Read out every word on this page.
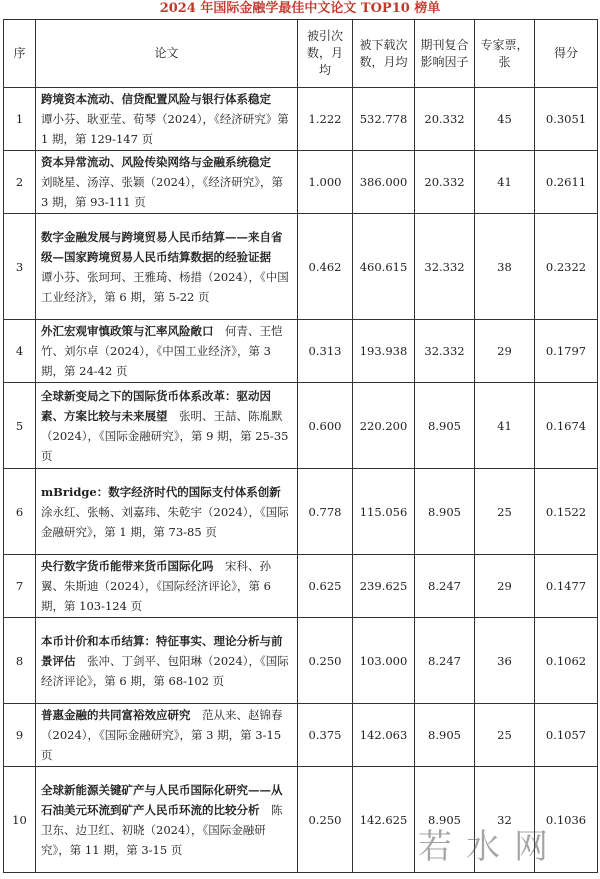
2024 年国际金融学最佳中文论文 TOP10 榜单
序	论文	被引次数，月均	被下载次数，月均	期刊复合影响因子	专家票，张	得分
1	跨境资本流动、信贷配置风险与银行体系稳定　谭小芬、耿亚莹、荀琴（2024），《经济研究》第 1 期，第 129-147 页	1.222	532.778	20.332	45	0.3051
2	资本异常流动、风险传染网络与金融系统稳定　刘晓星、汤淳、张颖（2024），《经济研究》，第 3 期，第 93-111 页	1.000	386.000	20.332	41	0.2611
3	数字金融发展与跨境贸易人民币结算——来自省级—国家跨境贸易人民币结算数据的经验证据　谭小芬、张珂珂、王雅琦、杨措（2024），《中国工业经济》，第 6 期，第 5-22 页	0.462	460.615	32.332	38	0.2322
4	外汇宏观审慎政策与汇率风险敞口　 何青、王恺竹、刘尔卓（2024），《中国工业经济》，第 3 期，第 24-42 页	0.313	193.938	32.332	29	0.1797
5	全球新变局之下的国际货币体系改革：驱动因素、方案比较与未来展望　 张明、王喆、陈胤默（2024），《国际金融研究》，第 9 期，第 25-35 页	0.600	220.200	8.905	41	0.1674
6	mBridge：数字经济时代的国际支付体系创新　涂永红、张畅、刘嘉玮、朱乾宇（2024），《国际金融研究》，第 1 期，第 73-85 页	0.778	115.056	8.905	25	0.1522
7	央行数字货币能带来货币国际化吗　 宋科、孙翼、朱斯迪（2024），《国际经济评论》，第 6 期，第 103-124 页	0.625	239.625	8.247	29	0.1477
8	本币计价和本币结算：特征事实、理论分析与前景评估　 张冲、丁剑平、包阳琳（2024），《国际经济评论》，第 6 期，第 68-102 页	0.250	103.000	8.247	36	0.1062
9	普惠金融的共同富裕效应研究　 范从来、赵锦春（2024），《国际金融研究》，第 3 期，第 3-15 页	0.375	142.063	8.905	25	0.1057
10	全球新能源关键矿产与人民币国际化研究——从石油美元环流到矿产人民币环流的比较分析　 陈卫东、边卫红、初晓（2024），《国际金融研究》，第 11 期，第 3-15 页	0.250	142.625	8.905	32	0.1036
若水网
